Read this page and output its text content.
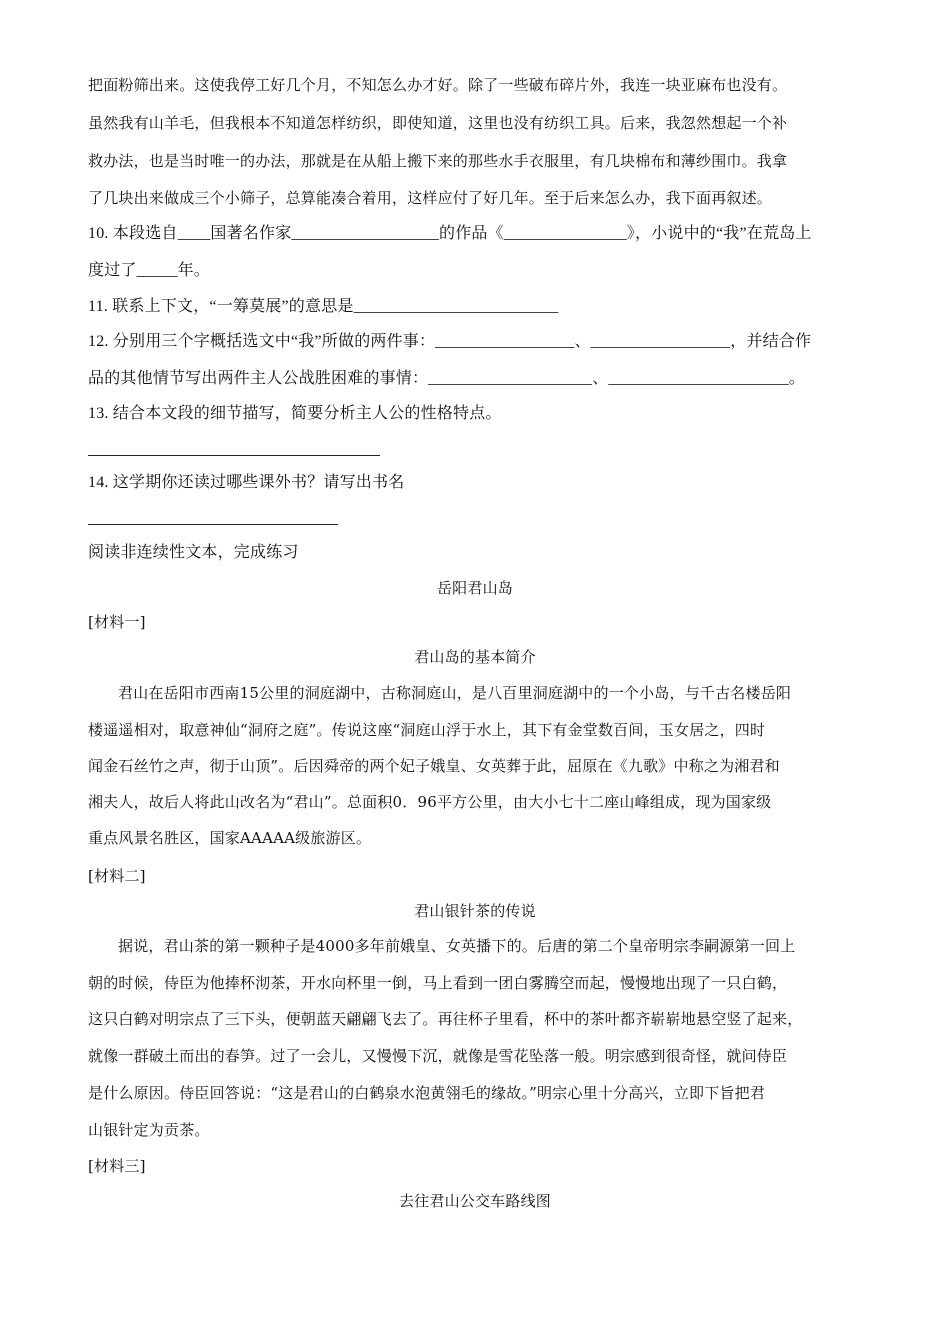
把面粉筛出来。这使我停工好几个月，不知怎么办才好。除了一些破布碎片外，我连一块亚麻布也没有。
虽然我有山羊毛，但我根本不知道怎样纺织，即使知道，这里也没有纺织工具。后来，我忽然想起一个补
救办法，也是当时唯一的办法，那就是在从船上搬下来的那些水手衣服里，有几块棉布和薄纱围巾。我拿
了几块出来做成三个小筛子，总算能凑合着用，这样应付了好几年。至于后来怎么办，我下面再叙述。
10. 本段选自____国著名作家__________________的作品《_______________》，小说中的“我”在荒岛上
度过了_____年。
11. 联系上下文，“一筹莫展”的意思是_________________________
12. 分别用三个字概括选文中“我”所做的两件事：_________________、_________________，并结合作
品的其他情节写出两件主人公战胜困难的事情：____________________、______________________。
13. 结合本文段的细节描写，简要分析主人公的性格特点。
14. 这学期你还读过哪些课外书？请写出书名
阅读非连续性文本，完成练习
岳阳君山岛
[材料一]
君山岛的基本简介
君山在岳阳市西南15公里的洞庭湖中，古称洞庭山，是八百里洞庭湖中的一个小岛，与千古名楼岳阳
楼遥遥相对，取意神仙“洞府之庭”。传说这座“洞庭山浮于水上，其下有金堂数百间，玉女居之，四时
闻金石丝竹之声，彻于山顶”。后因舜帝的两个妃子娥皇、女英葬于此，屈原在《九歌》中称之为湘君和
湘夫人，故后人将此山改名为“君山”。总面积0．96平方公里，由大小七十二座山峰组成，现为国家级
重点风景名胜区，国家AAAAA级旅游区。
[材料二]
君山银针茶的传说
据说，君山茶的第一颗种子是4000多年前娥皇、女英播下的。后唐的第二个皇帝明宗李嗣源第一回上
朝的时候，侍臣为他捧杯沏茶，开水向杯里一倒，马上看到一团白雾腾空而起，慢慢地出现了一只白鹤，
这只白鹤对明宗点了三下头，便朝蓝天翩翩飞去了。再往杯子里看，杯中的茶叶都齐崭崭地悬空竖了起来，
就像一群破土而出的春笋。过了一会儿，又慢慢下沉，就像是雪花坠落一般。明宗感到很奇怪，就问侍臣
是什么原因。侍臣回答说：“这是君山的白鹤泉水泡黄翎毛的缘故。”明宗心里十分高兴，立即下旨把君
山银针定为贡茶。
[材料三]
去往君山公交车路线图
